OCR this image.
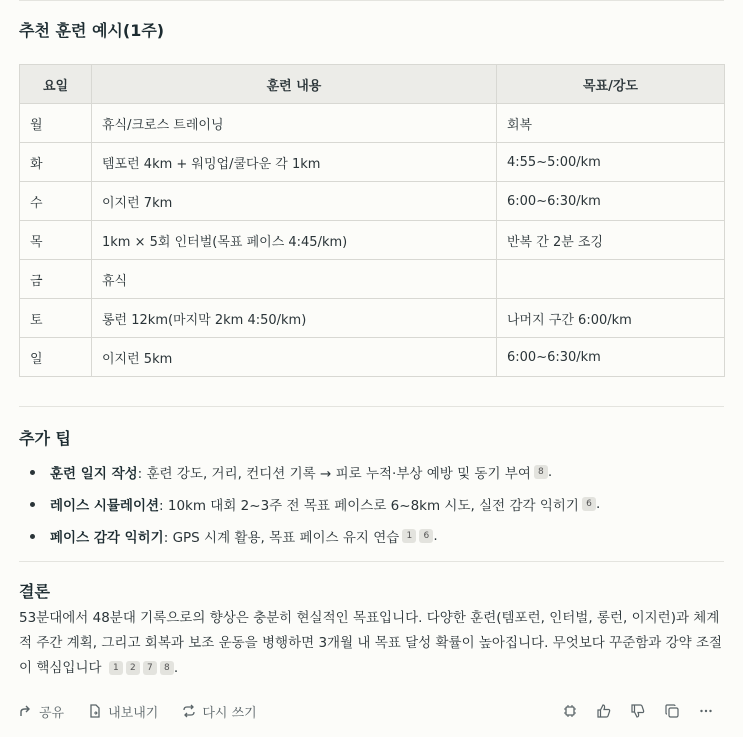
추천 훈련 예시(1주)
요일	훈련 내용	목표/강도
월	휴식/크로스 트레이닝	회복
화	템포런 4km + 워밍업/쿨다운 각 1km	4:55~5:00/km
수	이지런 7km	6:00~6:30/km
목	1km × 5회 인터벌(목표 페이스 4:45/km)	반복 간 2분 조깅
금	휴식	
토	롱런 12km(마지막 2km 4:50/km)	나머지 구간 6:00/km
일	이지런 5km	6:00~6:30/km
추가 팁
훈련 일지 작성 : 훈련 강도, 거리, 컨디션 기록 → 피로 누적·부상 예방 및 동기 부여 8 .
레이스 시뮬레이션 : 10km 대회 2~3주 전 목표 페이스로 6~8km 시도, 실전 감각 익히기 6 .
페이스 감각 익히기 : GPS 시계 활용, 목표 페이스 유지 연습 1	6 .
결론
53분대에서 48분대 기록으로의 향상은 충분히 현실적인 목표입니다. 다양한 훈련(템포런, 인터벌, 롱런, 이지런)과 체계적 주간 계획, 그리고 회복과 보조 운동을 병행하면 3개월 내 목표 달성 확률이 높아집니다. 무엇보다 꾸준함과 강약 조절이 핵심입니다 1 2 7 8 .
공유	내보내기	다시 쓰기
